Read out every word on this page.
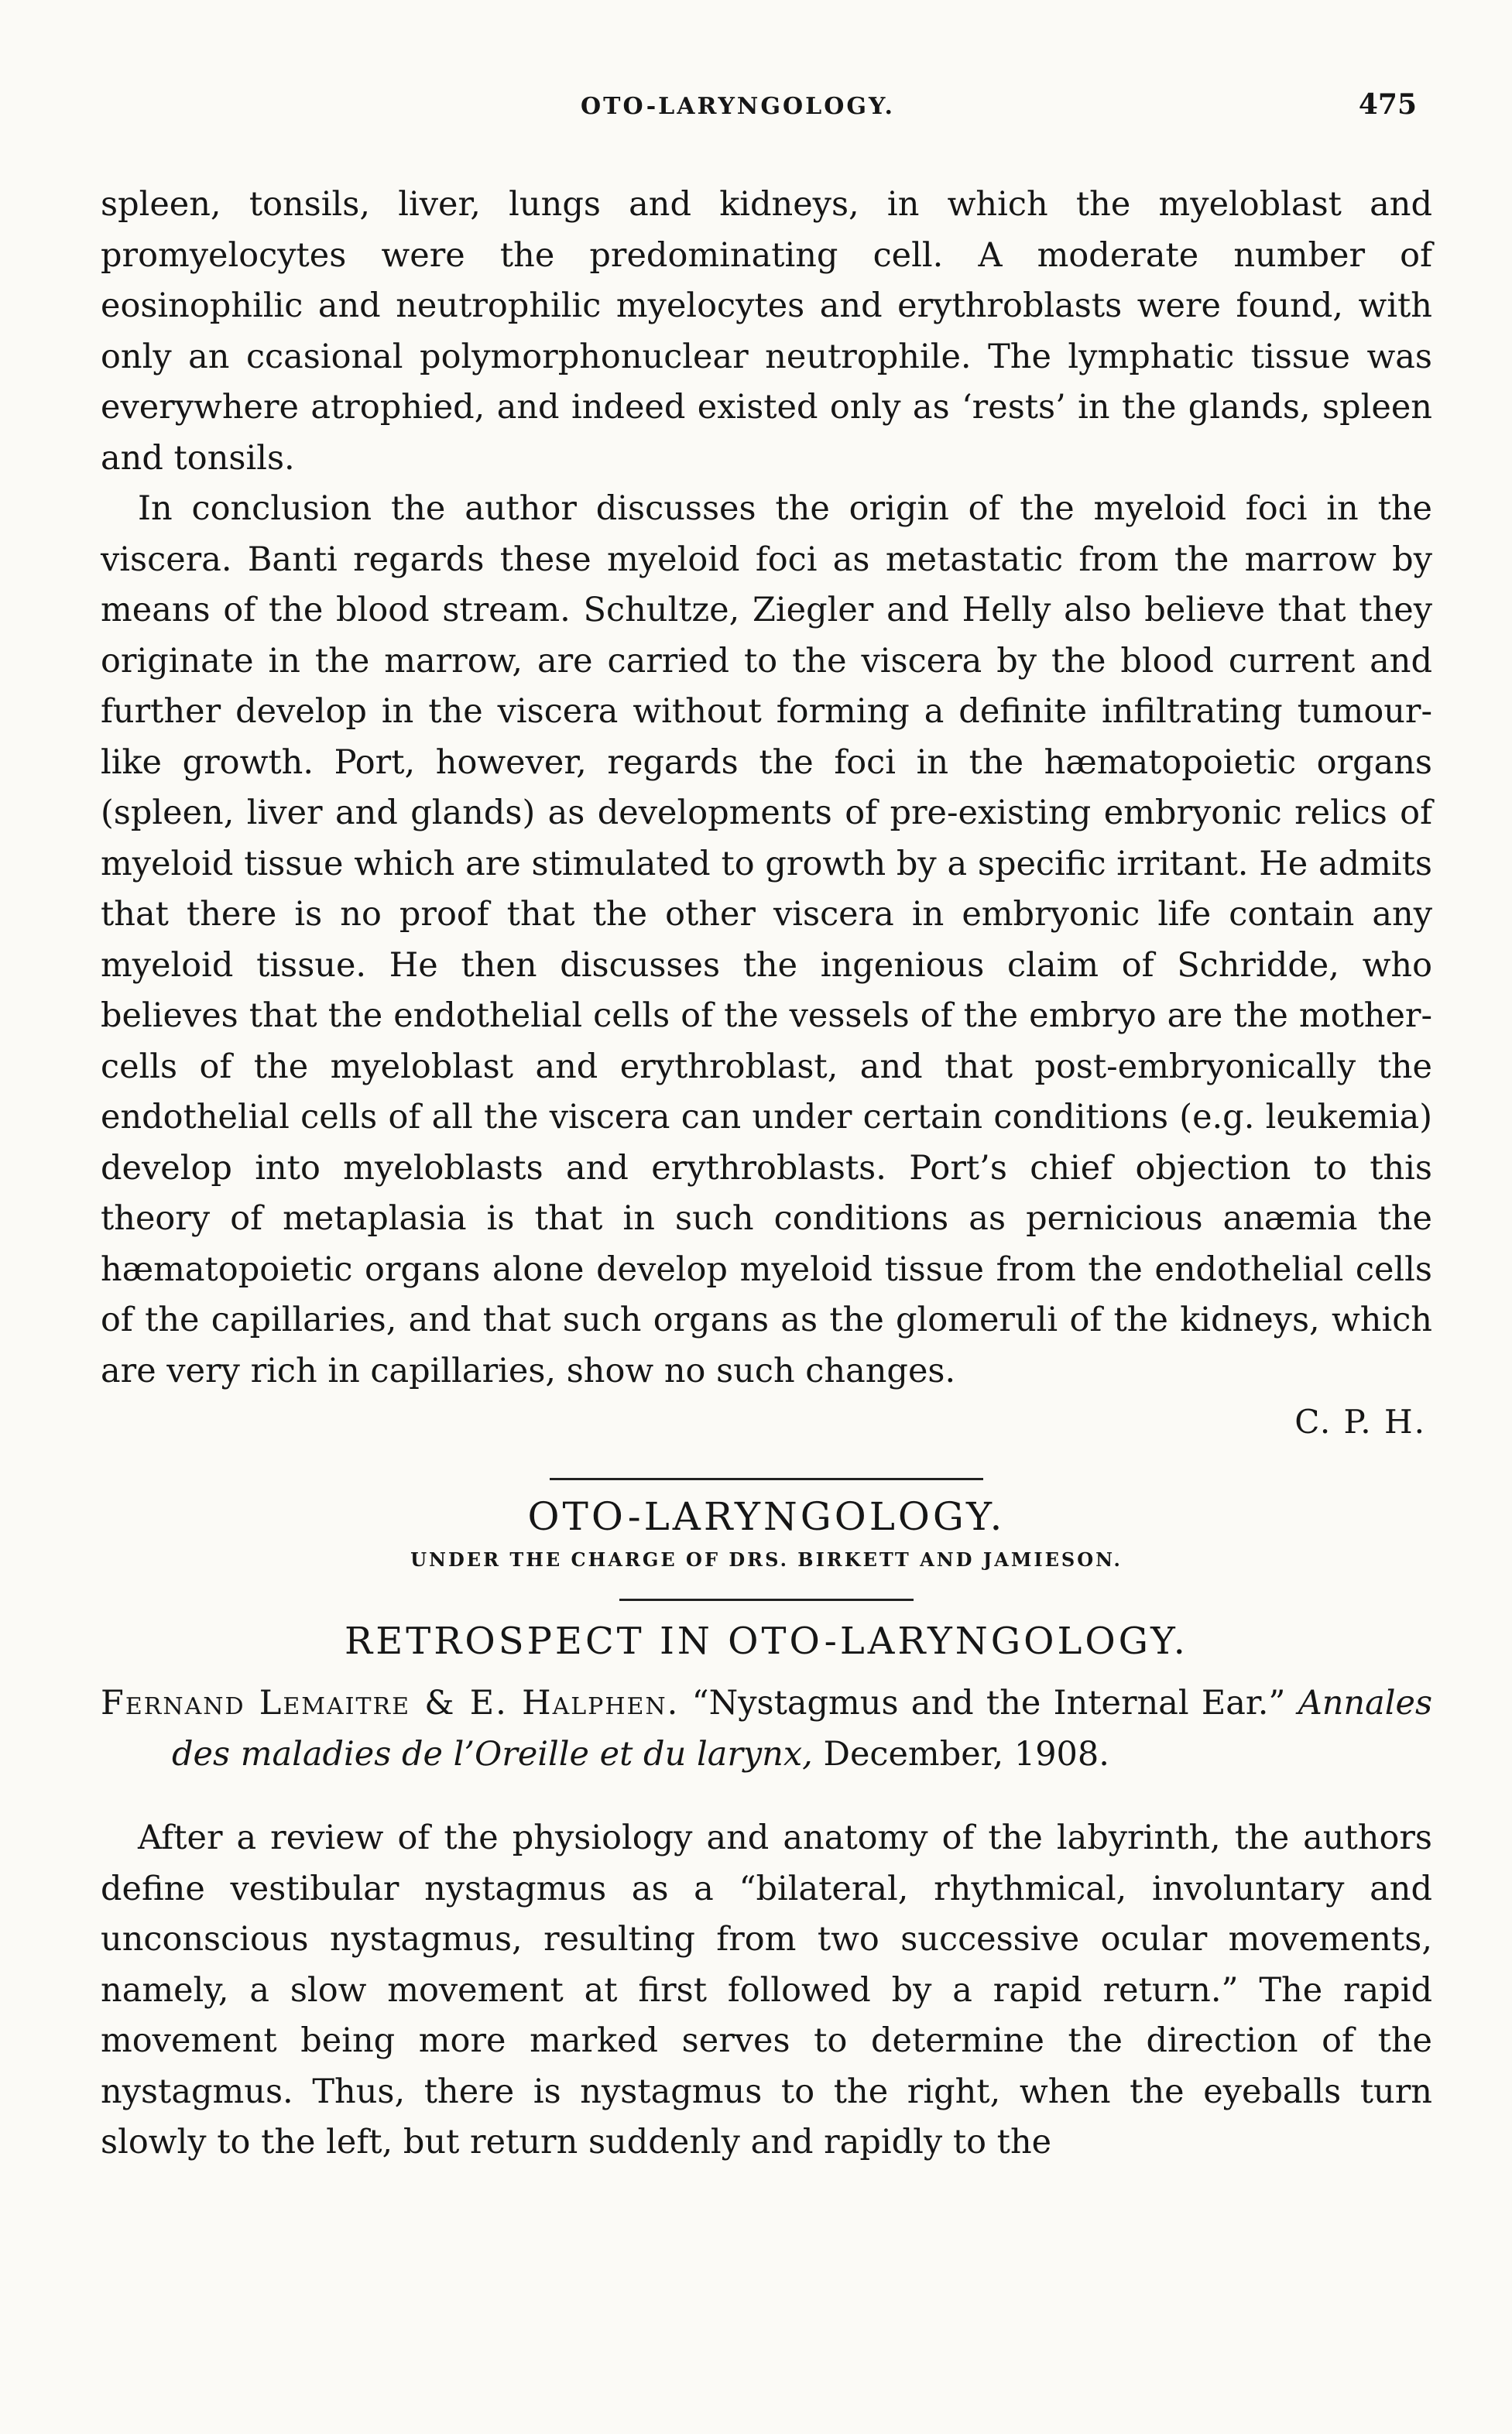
OTO-LARYNGOLOGY.	475

spleen, tonsils, liver, lungs and kidneys, in which the myeloblast and promyelocytes were the predominating cell. A moderate number of eosinophilic and neutrophilic myelocytes and erythroblasts were found, with only an ccasional polymorphonuclear neutrophile. The lymphatic tissue was everywhere atrophied, and indeed existed only as ‘rests’ in the glands, spleen and tonsils.

In conclusion the author discusses the origin of the myeloid foci in the viscera. Banti regards these myeloid foci as metastatic from the marrow by means of the blood stream. Schultze, Ziegler and Helly also believe that they originate in the marrow, are carried to the viscera by the blood current and further develop in the viscera without forming a definite infiltrating tumour-like growth. Port, however, regards the foci in the hæmatopoietic organs (spleen, liver and glands) as developments of pre-existing embryonic relics of myeloid tissue which are stimulated to growth by a specific irritant. He admits that there is no proof that the other viscera in embryonic life contain any myeloid tissue. He then discusses the ingenious claim of Schridde, who believes that the endothelial cells of the vessels of the embryo are the mother-cells of the myeloblast and erythroblast, and that post-embryonically the endothelial cells of all the viscera can under certain conditions (e.g. leukemia) develop into myeloblasts and erythroblasts. Port’s chief objection to this theory of metaplasia is that in such conditions as pernicious anæmia the hæmatopoietic organs alone develop myeloid tissue from the endothelial cells of the capillaries, and that such organs as the glomeruli of the kidneys, which are very rich in capillaries, show no such changes.

C. P. H.
OTO-LARYNGOLOGY.
UNDER THE CHARGE OF DRS. BIRKETT AND JAMIESON.
RETROSPECT IN OTO-LARYNGOLOGY.

Fernand Lemaitre & E. Halphen. “Nystagmus and the Internal Ear.” Annales des maladies de l’Oreille et du larynx, December, 1908.

After a review of the physiology and anatomy of the labyrinth, the authors define vestibular nystagmus as a “bilateral, rhythmical, involuntary and unconscious nystagmus, resulting from two successive ocular movements, namely, a slow movement at first followed by a rapid return.” The rapid movement being more marked serves to determine the direction of the nystagmus. Thus, there is nystagmus to the right, when the eyeballs turn slowly to the left, but return suddenly and rapidly to the
